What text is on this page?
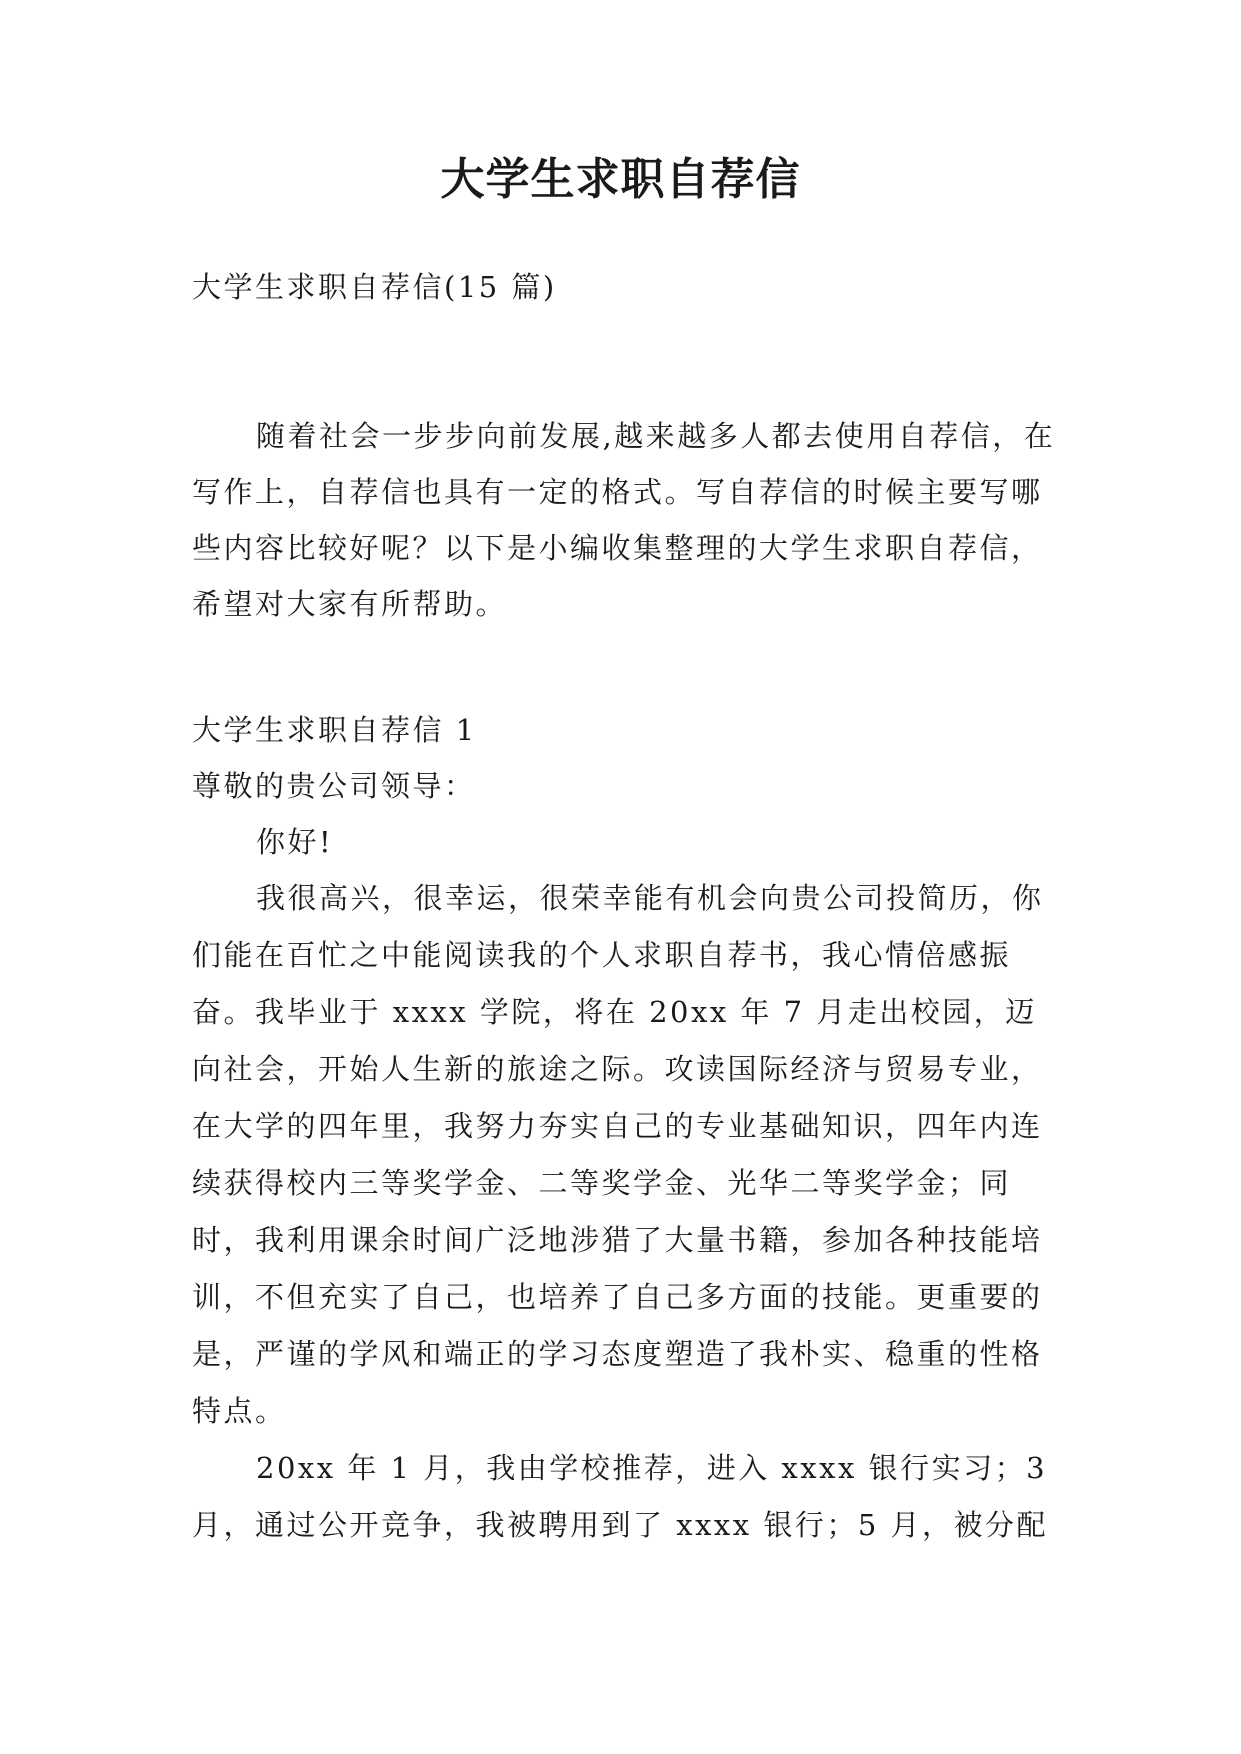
大学生求职自荐信
大学生求职自荐信(15 篇)

随着社会一步步向前发展,越来越多人都去使用自荐信，在写作上，自荐信也具有一定的格式。写自荐信的时候主要写哪些内容比较好呢？以下是小编收集整理的大学生求职自荐信，希望对大家有所帮助。

大学生求职自荐信 1
尊敬的贵公司领导：
你好!

我很高兴，很幸运，很荣幸能有机会向贵公司投简历，你们能在百忙之中能阅读我的个人求职自荐书，我心情倍感振奋。我毕业于 xxxx 学院，将在 20xx 年 7 月走出校园，迈向社会，开始人生新的旅途之际。攻读国际经济与贸易专业，在大学的四年里，我努力夯实自己的专业基础知识，四年内连续获得校内三等奖学金、二等奖学金、光华二等奖学金；同时，我利用课余时间广泛地涉猎了大量书籍，参加各种技能培训，不但充实了自己，也培养了自己多方面的技能。更重要的是，严谨的学风和端正的学习态度塑造了我朴实、稳重的性格特点。

20xx 年 1 月，我由学校推荐，进入 xxxx 银行实习；3 月，通过公开竞争，我被聘用到了 xxxx 银行；5 月，被分配
